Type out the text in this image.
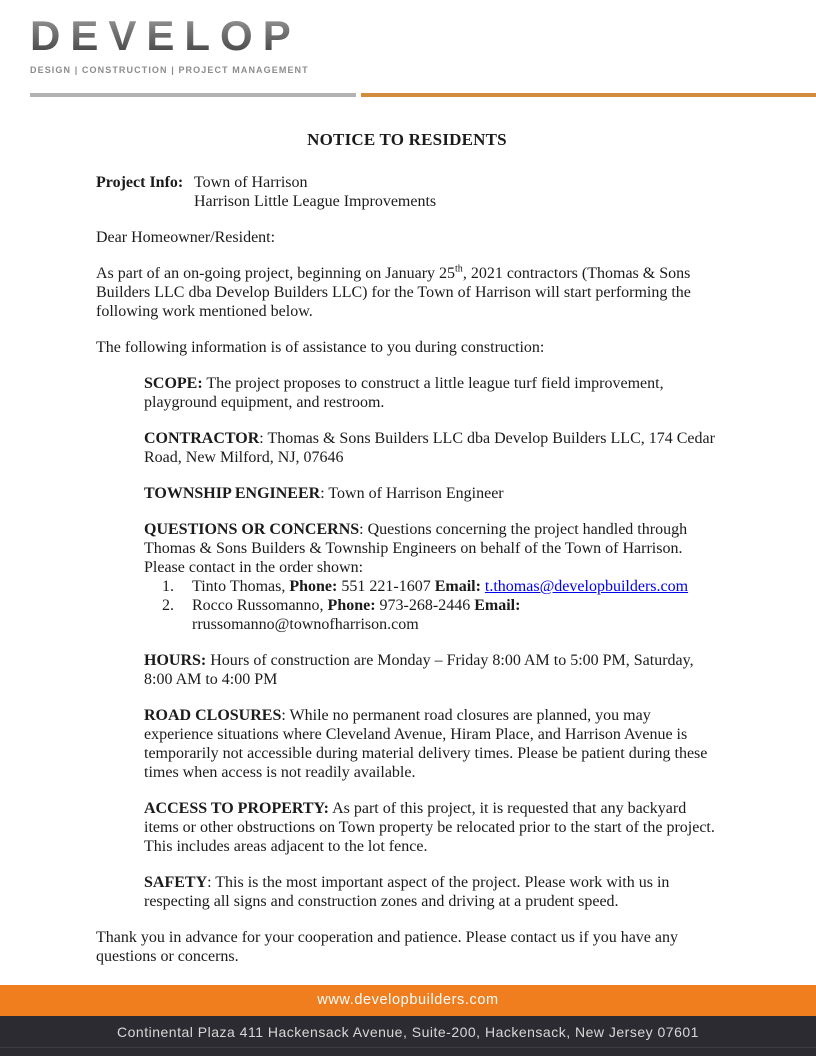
DEVELOP
DESIGN | CONSTRUCTION | PROJECT MANAGEMENT
NOTICE TO RESIDENTS

Project Info: Town of Harrison
Harrison Little League Improvements

Dear Homeowner/Resident:

As part of an on-going project, beginning on January 25th, 2021 contractors (Thomas & Sons Builders LLC dba Develop Builders LLC) for the Town of Harrison will start performing the following work mentioned below.

The following information is of assistance to you during construction:

SCOPE: The project proposes to construct a little league turf field improvement, playground equipment, and restroom.

CONTRACTOR: Thomas & Sons Builders LLC dba Develop Builders LLC, 174 Cedar Road, New Milford, NJ, 07646

TOWNSHIP ENGINEER: Town of Harrison Engineer

QUESTIONS OR CONCERNS: Questions concerning the project handled through Thomas & Sons Builders & Township Engineers on behalf of the Town of Harrison. Please contact in the order shown:

1. Tinto Thomas, Phone: 551 221-1607 Email: t.thomas@developbuilders.com
2. Rocco Russomanno, Phone: 973-268-2446 Email:
rrussomanno@townofharrison.com

HOURS: Hours of construction are Monday – Friday 8:00 AM to 5:00 PM, Saturday, 8:00 AM to 4:00 PM

ROAD CLOSURES: While no permanent road closures are planned, you may experience situations where Cleveland Avenue, Hiram Place, and Harrison Avenue is temporarily not accessible during material delivery times. Please be patient during these times when access is not readily available.

ACCESS TO PROPERTY: As part of this project, it is requested that any backyard items or other obstructions on Town property be relocated prior to the start of the project. This includes areas adjacent to the lot fence.

SAFETY: This is the most important aspect of the project. Please work with us in respecting all signs and construction zones and driving at a prudent speed.

Thank you in advance for your cooperation and patience. Please contact us if you have any questions or concerns.

www.developbuilders.com
Continental Plaza 411 Hackensack Avenue, Suite-200, Hackensack, New Jersey 07601
